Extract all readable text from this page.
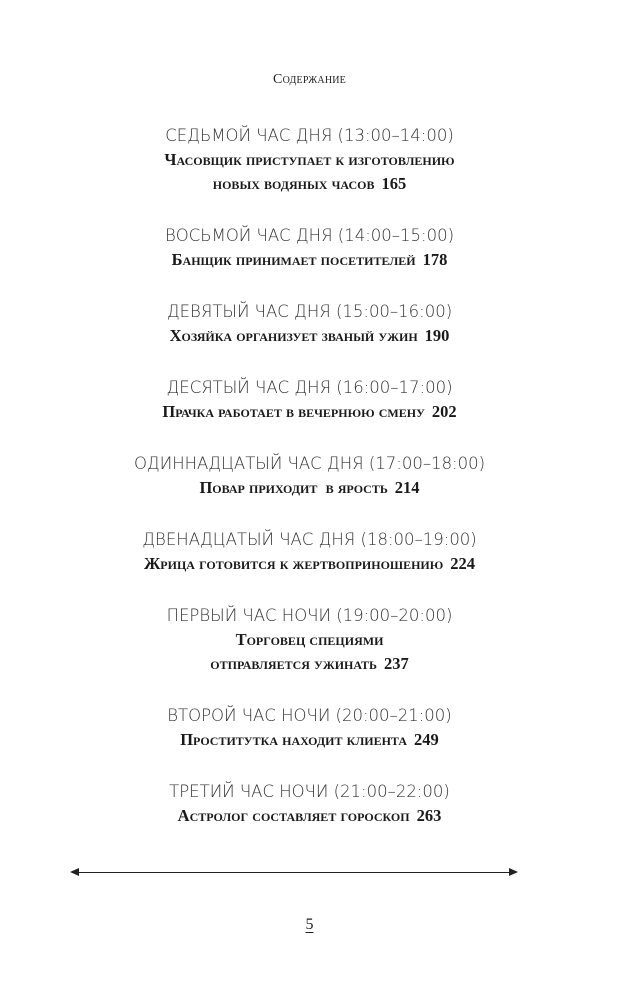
Содержание
СЕДЬМОЙ ЧАС ДНЯ (13:00–14:00)
Часовщик приступает к изготовлению
новых водяных часов 165
ВОСЬМОЙ ЧАС ДНЯ (14:00–15:00)
Банщик принимает посетителей 178
ДЕВЯТЫЙ ЧАС ДНЯ (15:00–16:00)
Хозяйка организует званый ужин 190
ДЕСЯТЫЙ ЧАС ДНЯ (16:00–17:00)
Прачка работает в вечернюю смену 202
ОДИННАДЦАТЫЙ ЧАС ДНЯ (17:00–18:00)
Повар приходит  в ярость 214
ДВЕНАДЦАТЫЙ ЧАС ДНЯ (18:00–19:00)
Жрица готовится к жертвоприношению 224
ПЕРВЫЙ ЧАС НОЧИ (19:00–20:00)
Торговец специями
отправляется ужинать 237
ВТОРОЙ ЧАС НОЧИ (20:00–21:00)
Проститутка находит клиента 249
ТРЕТИЙ ЧАС НОЧИ (21:00–22:00)
Астролог составляет гороскоп 263
5
